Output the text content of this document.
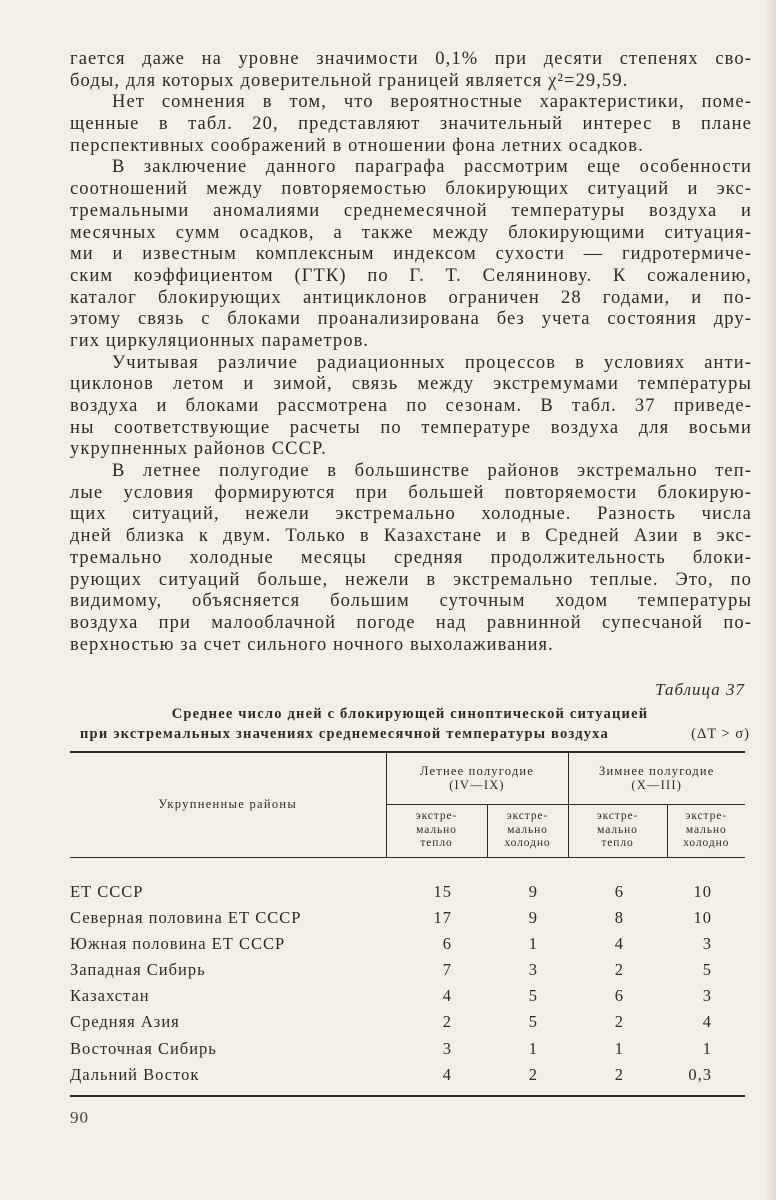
гается даже на уровне значимости 0,1% при десяти степенях сво-
боды, для которых доверительной границей является χ²=29,59.
Нет сомнения в том, что вероятностные характеристики, поме-
щенные в табл. 20, представляют значительный интерес в плане
перспективных соображений в отношении фона летних осадков.
В заключение данного параграфа рассмотрим еще особенности
соотношений между повторяемостью блокирующих ситуаций и экс-
тремальными аномалиями среднемесячной температуры воздуха и
месячных сумм осадков, а также между блокирующими ситуация-
ми и известным комплексным индексом сухости — гидротермиче-
ским коэффициентом (ГТК) по Г. Т. Селянинову. К сожалению,
каталог блокирующих антициклонов ограничен 28 годами, и по-
этому связь с блоками проанализирована без учета состояния дру-
гих циркуляционных параметров.
Учитывая различие радиационных процессов в условиях анти-
циклонов летом и зимой, связь между экстремумами температуры
воздуха и блоками рассмотрена по сезонам. В табл. 37 приведе-
ны соответствующие расчеты по температуре воздуха для восьми
укрупненных районов СССР.
В летнее полугодие в большинстве районов экстремально теп-
лые условия формируются при большей повторяемости блокирую-
щих ситуаций, нежели экстремально холодные. Разность числа
дней близка к двум. Только в Казахстане и в Средней Азии в экс-
тремально холодные месяцы средняя продолжительность блоки-
рующих ситуаций больше, нежели в экстремально теплые. Это, по
видимому, объясняется большим суточным ходом температуры
воздуха при малооблачной погоде над равнинной супесчаной по-
верхностью за счет сильного ночного выхолаживания.
Таблица 37
Среднее число дней с блокирующей синоптической ситуацией
при экстремальных значениях среднемесячной температуры воздуха	(ΔT > σ)
Укрупненные районы	Летнее полугодие
(IV—IX)		Зимнее полугодие
(X—III)	
	экстре-
мально
тепло	экстре-
мально
холодно	экстре-
мально
тепло	экстре-
мально
холодно

ЕТ СССР	15	9	6	10
Северная половина ЕТ СССР	17	9	8	10
Южная половина ЕТ СССР	6	1	4	3
Западная Сибирь	7	3	2	5
Казахстан	4	5	6	3
Средняя Азия	2	5	2	4
Восточная Сибирь	3	1	1	1
Дальний Восток	4	2	2	0,3

90
